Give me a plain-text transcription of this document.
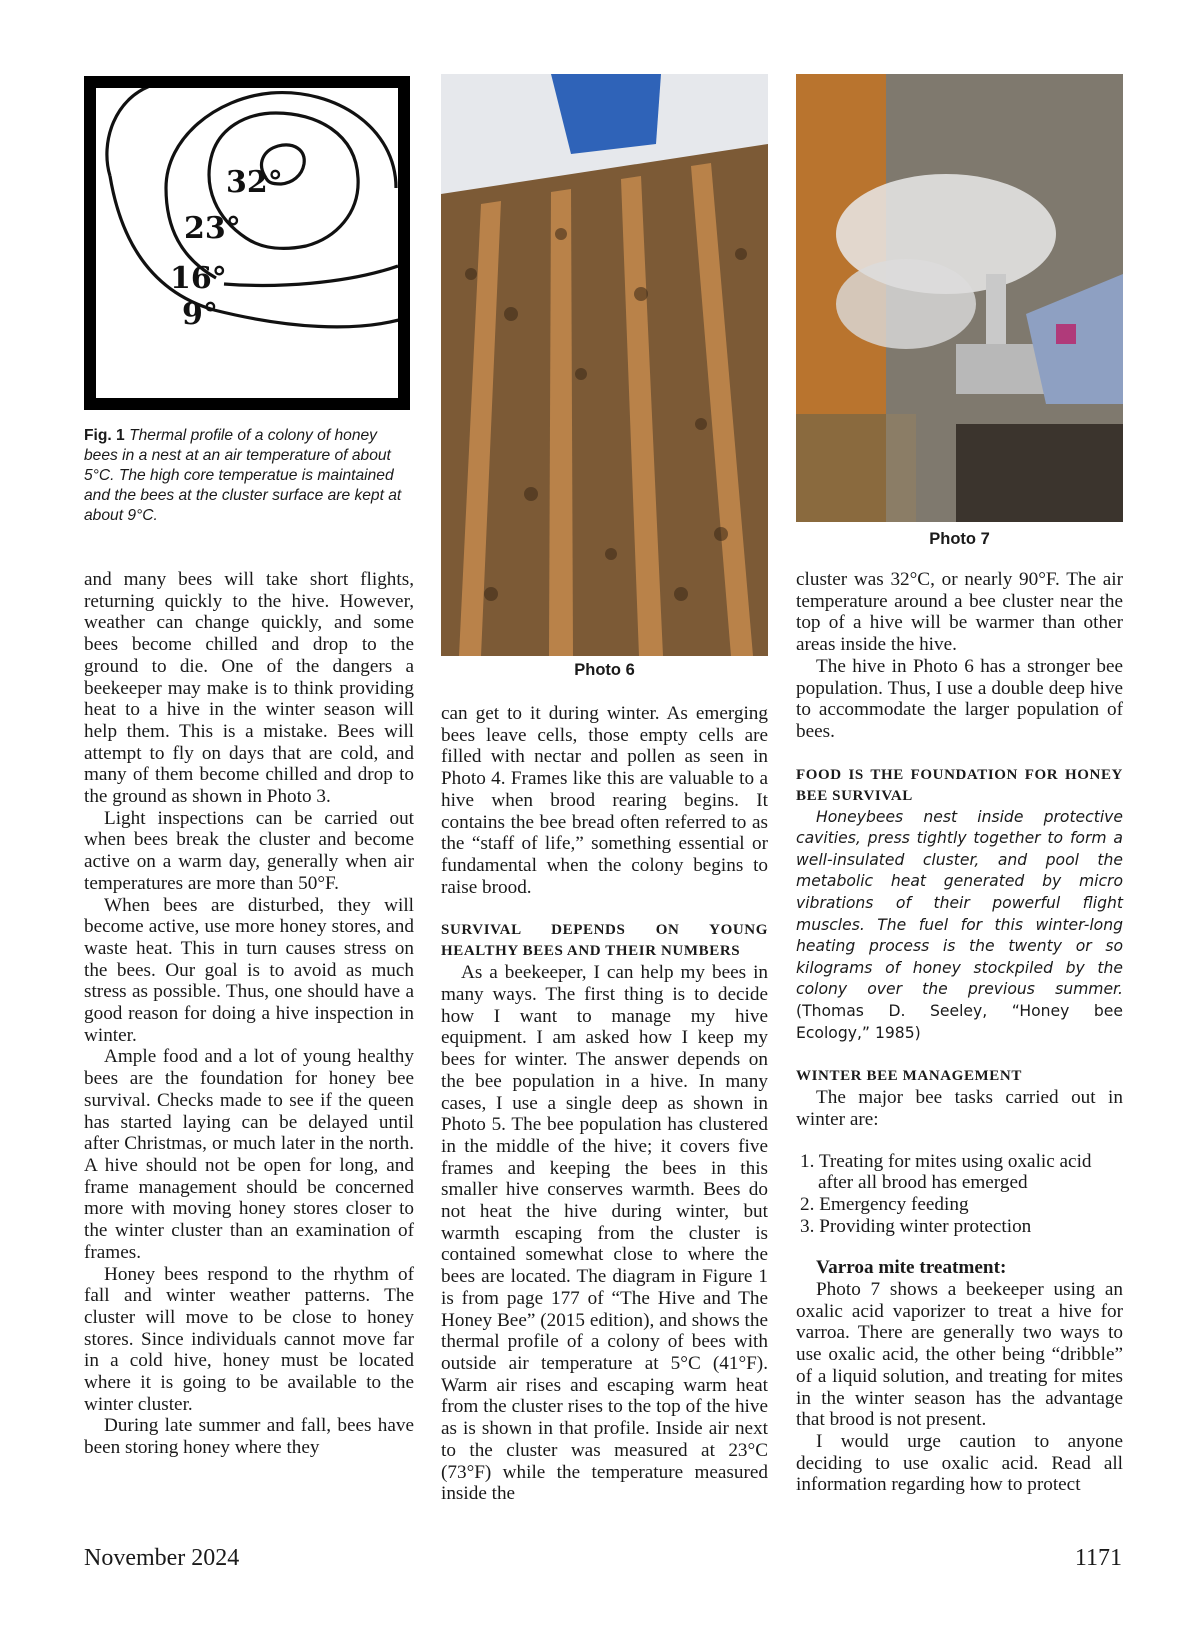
32°
23°
16°
9°
Fig. 1 Thermal profile of a colony of honey bees in a nest at an air temperature of about 5°C. The high core temperatue is maintained and the bees at the cluster surface are kept at about 9°C.
Photo 6
Photo 7

and many bees will take short flights, returning quickly to the hive. However, weather can change quickly, and some bees become chilled and drop to the ground to die. One of the dangers a beekeeper may make is to think providing heat to a hive in the winter season will help them. This is a mistake. Bees will attempt to fly on days that are cold, and many of them become chilled and drop to the ground as shown in Photo 3.

Light inspections can be carried out when bees break the cluster and become active on a warm day, generally when air temperatures are more than 50°F.

When bees are disturbed, they will become active, use more honey stores, and waste heat. This in turn causes stress on the bees. Our goal is to avoid as much stress as possible. Thus, one should have a good reason for doing a hive inspection in winter.

Ample food and a lot of young healthy bees are the foundation for honey bee survival. Checks made to see if the queen has started laying can be delayed until after Christmas, or much later in the north. A hive should not be open for long, and frame management should be concerned more with moving honey stores closer to the winter cluster than an examination of frames.

Honey bees respond to the rhythm of fall and winter weather patterns. The cluster will move to be close to honey stores. Since individuals cannot move far in a cold hive, honey must be located where it is going to be available to the winter cluster.

During late summer and fall, bees have been storing honey where they

can get to it during winter. As emerging bees leave cells, those empty cells are filled with nectar and pollen as seen in Photo 4. Frames like this are valuable to a hive when brood rearing begins. It contains the bee bread often referred to as the “staff of life,” something essential or fundamental when the colony begins to raise brood.

SURVIVAL DEPENDS ON YOUNG HEALTHY BEES AND THEIR NUMBERS

As a beekeeper, I can help my bees in many ways. The first thing is to decide how I want to manage my hive equipment. I am asked how I keep my bees for winter. The answer depends on the bee population in a hive. In many cases, I use a single deep as shown in Photo 5. The bee population has clustered in the middle of the hive; it covers five frames and keeping the bees in this smaller hive conserves warmth. Bees do not heat the hive during winter, but warmth escaping from the cluster is contained somewhat close to where the bees are located. The diagram in Figure 1 is from page 177 of “The Hive and The Honey Bee” (2015 edition), and shows the thermal profile of a colony of bees with outside air temperature at 5°C (41°F). Warm air rises and escaping warm heat from the cluster rises to the top of the hive as is shown in that profile. Inside air next to the cluster was measured at 23°C (73°F) while the temperature measured inside the

cluster was 32°C, or nearly 90°F. The air temperature around a bee cluster near the top of a hive will be warmer than other areas inside the hive.

The hive in Photo 6 has a stronger bee population. Thus, I use a double deep hive to accommodate the larger population of bees.

FOOD IS THE FOUNDATION FOR HONEY BEE SURVIVAL

Honeybees nest inside protective cavities, press tightly together to form a well-insulated cluster, and pool the metabolic heat generated by micro vibrations of their powerful flight muscles. The fuel for this winter-long heating process is the twenty or so kilograms of honey stockpiled by the colony over the previous summer. (Thomas D. Seeley, “Honey bee Ecology,” 1985)

WINTER BEE MANAGEMENT

The major bee tasks carried out in winter are:

1. Treating for mites using oxalic acid after all brood has emerged
2. Emergency feeding
3. Providing winter protection

Varroa mite treatment:

Photo 7 shows a beekeeper using an oxalic acid vaporizer to treat a hive for varroa. There are generally two ways to use oxalic acid, the other being “dribble” of a liquid solution, and treating for mites in the winter season has the advantage that brood is not present.

I would urge caution to anyone deciding to use oxalic acid. Read all information regarding how to protect

November 2024	1171
